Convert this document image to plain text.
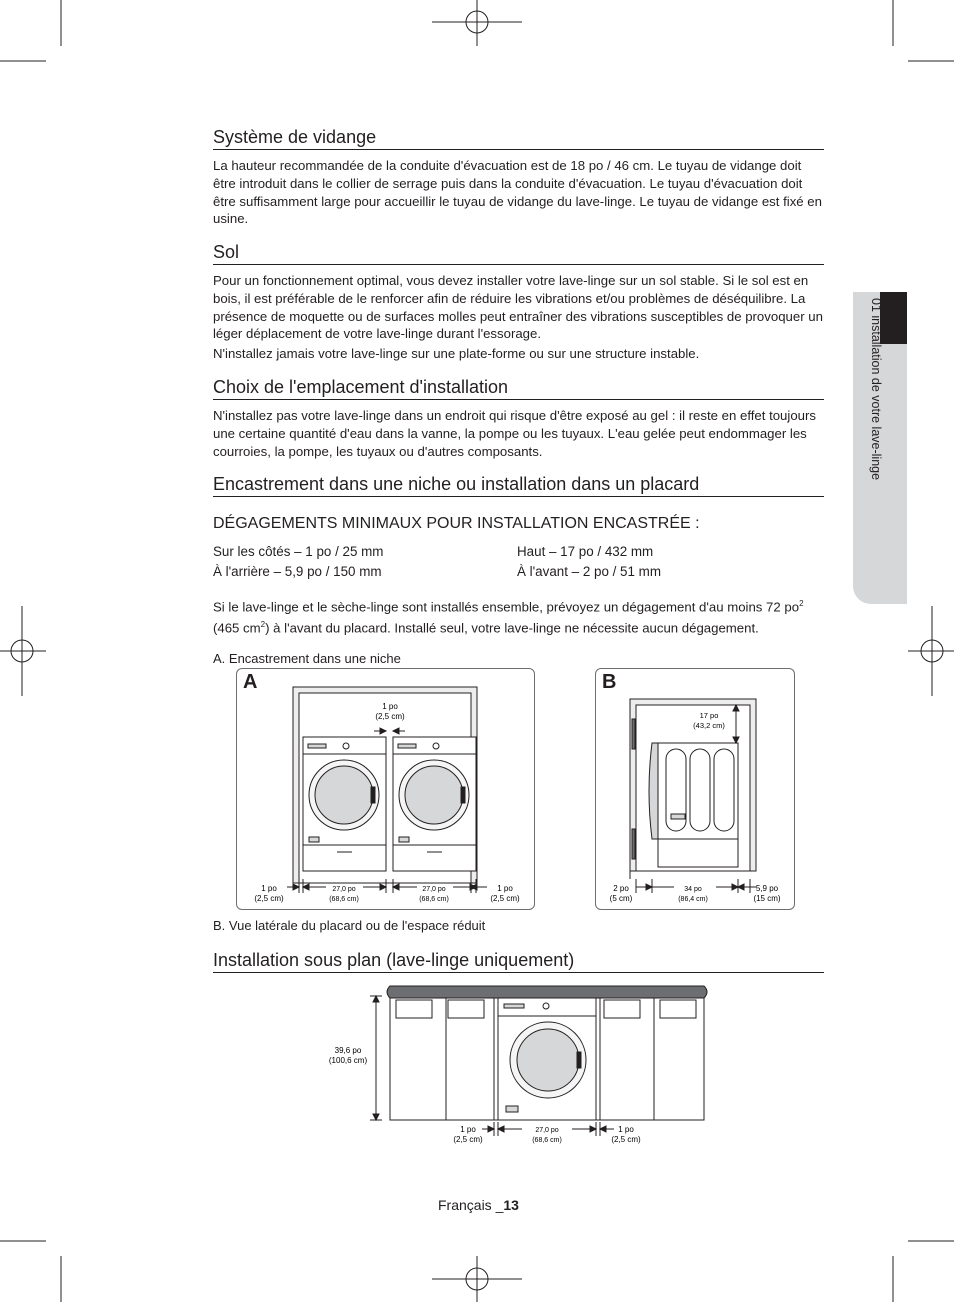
01 installation de votre lave-linge
Système de vidange

La hauteur recommandée de la conduite d'évacuation est de 18 po / 46 cm. Le tuyau de vidange doit être introduit dans le collier de serrage puis dans la conduite d'évacuation. Le tuyau d'évacuation doit être suffisamment large pour accueillir le tuyau de vidange du lave-linge. Le tuyau de vidange est fixé en usine.

Sol

Pour un fonctionnement optimal, vous devez installer votre lave-linge sur un sol stable. Si le sol est en bois, il est préférable de le renforcer afin de réduire les vibrations et/ou problèmes de déséquilibre. La présence de moquette ou de surfaces molles peut entraîner des vibrations susceptibles de provoquer un léger déplacement de votre lave-linge durant l'essorage.

N'installez jamais votre lave-linge sur une plate-forme ou sur une structure instable.

Choix de l'emplacement d'installation

N'installez pas votre lave-linge dans un endroit qui risque d'être exposé au gel : il reste en effet toujours une certaine quantité d'eau dans la vanne, la pompe ou les tuyaux. L'eau gelée peut endommager les courroies, la pompe, les tuyaux ou d'autres composants.

Encastrement dans une niche ou installation dans un placard
DÉGAGEMENTS MINIMAUX POUR INSTALLATION ENCASTRÉE :
Sur les côtés – 1 po / 25 mm	Haut – 17 po / 432 mm
À l'arrière – 5,9 po / 150 mm	À l'avant – 2 po / 51 mm

Si le lave-linge et le sèche-linge sont installés ensemble, prévoyez un dégagement d'au moins 72 $po^2$ (465 $cm^2$) à l'avant du placard. Installé seul, votre lave-linge ne nécessite aucun dégagement.

A. Encastrement dans une niche
A
1 po (2,5 cm)
1 po (2,5 cm)
27,0 po (68,6 cm)
27,0 po (68,6 cm)
1 po (2,5 cm)
B
17 po (43,2 cm)
2 po (5 cm)
34 po (86,4 cm)
5,9 po (15 cm)
B. Vue latérale du placard ou de l'espace réduit
Installation sous plan (lave-linge uniquement)
39,6 po (100,6 cm)
1 po (2,5 cm)
27,0 po (68,6 cm)
1 po (2,5 cm)
Français _13
